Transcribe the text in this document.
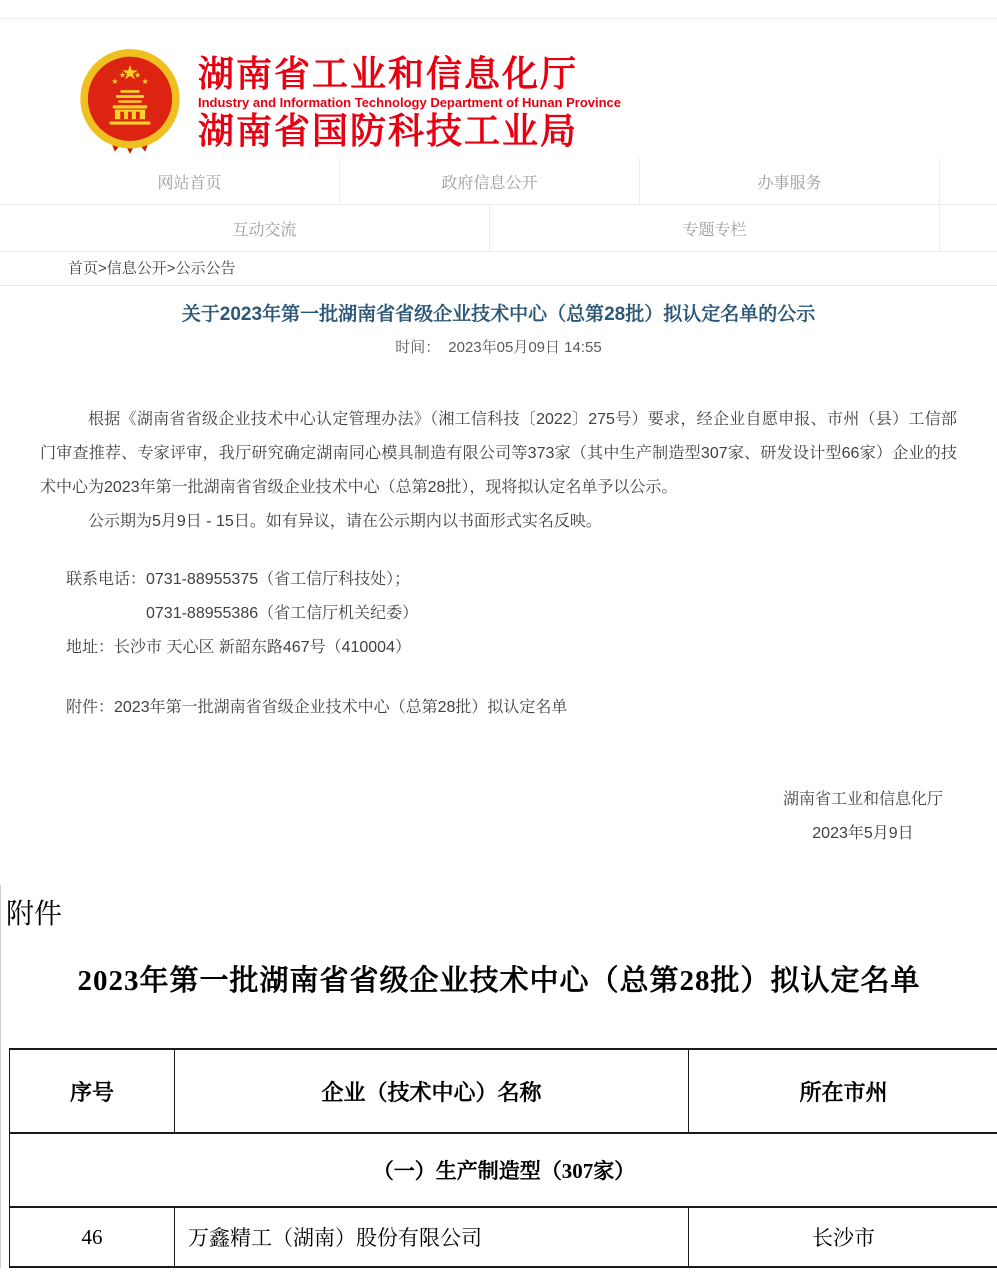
湖南省工业和信息化厅
Industry and Information Technology Department of Hunan Province
湖南省国防科技工业局
网站首页	政府信息公开	办事服务
互动交流	专题专栏
首页>信息公开>公示公告
关于2023年第一批湖南省省级企业技术中心（总第28批）拟认定名单的公示
时间： 2023年05月09日 14:55
根据《湖南省省级企业技术中心认定管理办法》（湘工信科技〔2022〕275号）要求，经企业自愿申报、市州（县）工信部门审查推荐、专家评审，我厅研究确定湖南同心模具制造有限公司等373家（其中生产制造型307家、研发设计型66家）企业的技术中心为2023年第一批湖南省省级企业技术中心（总第28批），现将拟认定名单予以公示。
公示期为5月9日 - 15日。如有异议，请在公示期内以书面形式实名反映。
联系电话：0731-88955375（省工信厅科技处）；
0731-88955386（省工信厅机关纪委）
地址：长沙市 天心区 新韶东路467号（410004）
附件：2023年第一批湖南省省级企业技术中心（总第28批）拟认定名单
湖南省工业和信息化厅
2023年5月9日
附件
2023年第一批湖南省省级企业技术中心（总第28批）拟认定名单
序号	企业（技术中心）名称	所在市州
（一）生产制造型（307家）		
46	万鑫精工（湖南）股份有限公司	长沙市
